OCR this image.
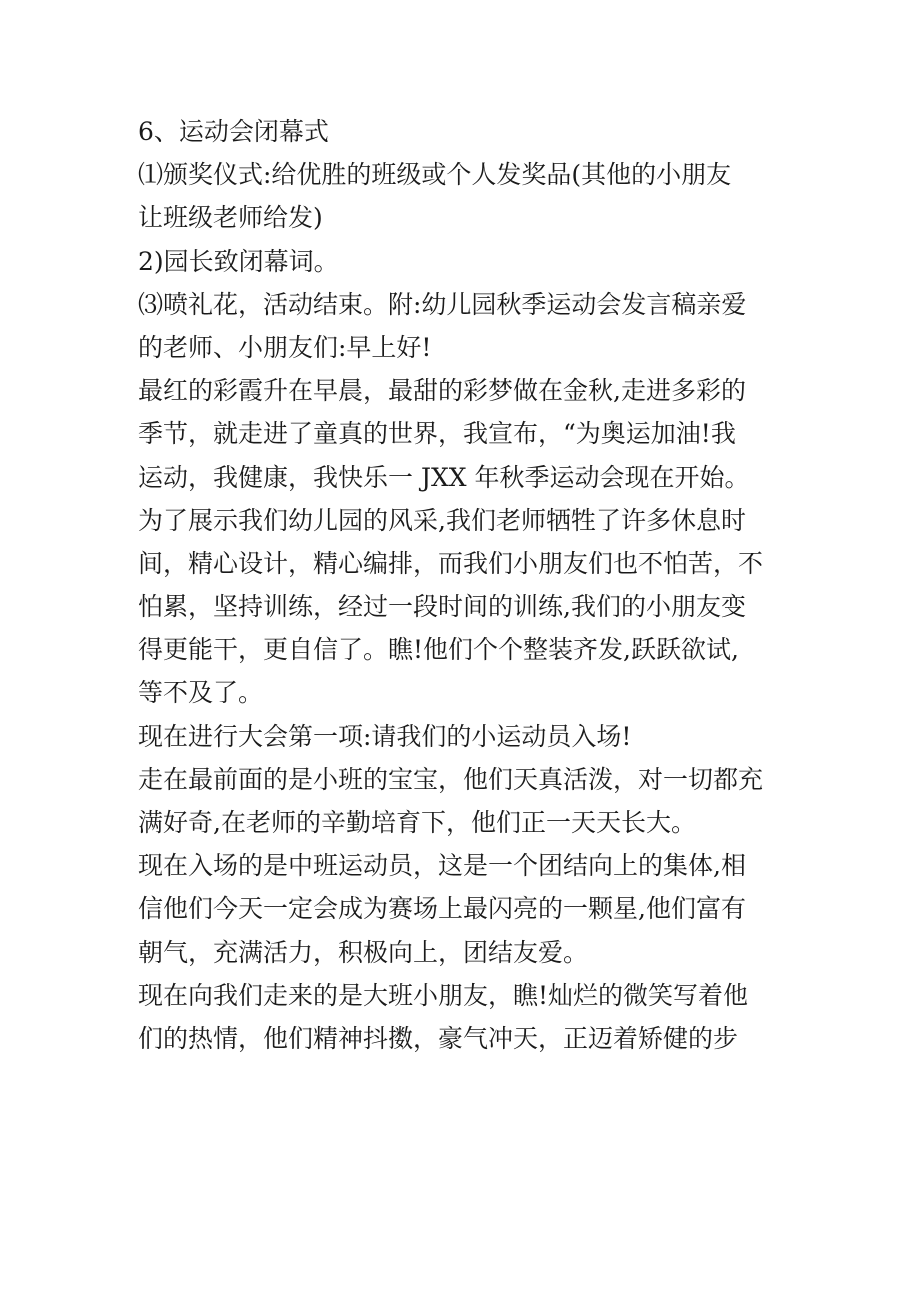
6、运动会闭幕式
⑴颁奖仪式:给优胜的班级或个人发奖品(其他的小朋友
让班级老师给发)
2)园长致闭幕词。
⑶喷礼花，活动结束。附:幼儿园秋季运动会发言稿亲爱
的老师、小朋友们:早上好!
最红的彩霞升在早晨，最甜的彩梦做在金秋,走进多彩的
季节，就走进了童真的世界，我宣布，“为奥运加油!我
运动，我健康，我快乐一 JXX 年秋季运动会现在开始。
为了展示我们幼儿园的风采,我们老师牺牲了许多休息时
间，精心设计，精心编排，而我们小朋友们也不怕苦，不
怕累，坚持训练，经过一段时间的训练,我们的小朋友变
得更能干，更自信了。瞧!他们个个整装齐发,跃跃欲试,
等不及了。
现在进行大会第一项:请我们的小运动员入场!
走在最前面的是小班的宝宝，他们天真活泼，对一切都充
满好奇,在老师的辛勤培育下，他们正一天天长大。
现在入场的是中班运动员，这是一个团结向上的集体,相
信他们今天一定会成为赛场上最闪亮的一颗星,他们富有
朝气，充满活力，积极向上，团结友爱。
现在向我们走来的是大班小朋友，瞧!灿烂的微笑写着他
们的热情，他们精神抖擞，豪气冲天，正迈着矫健的步
